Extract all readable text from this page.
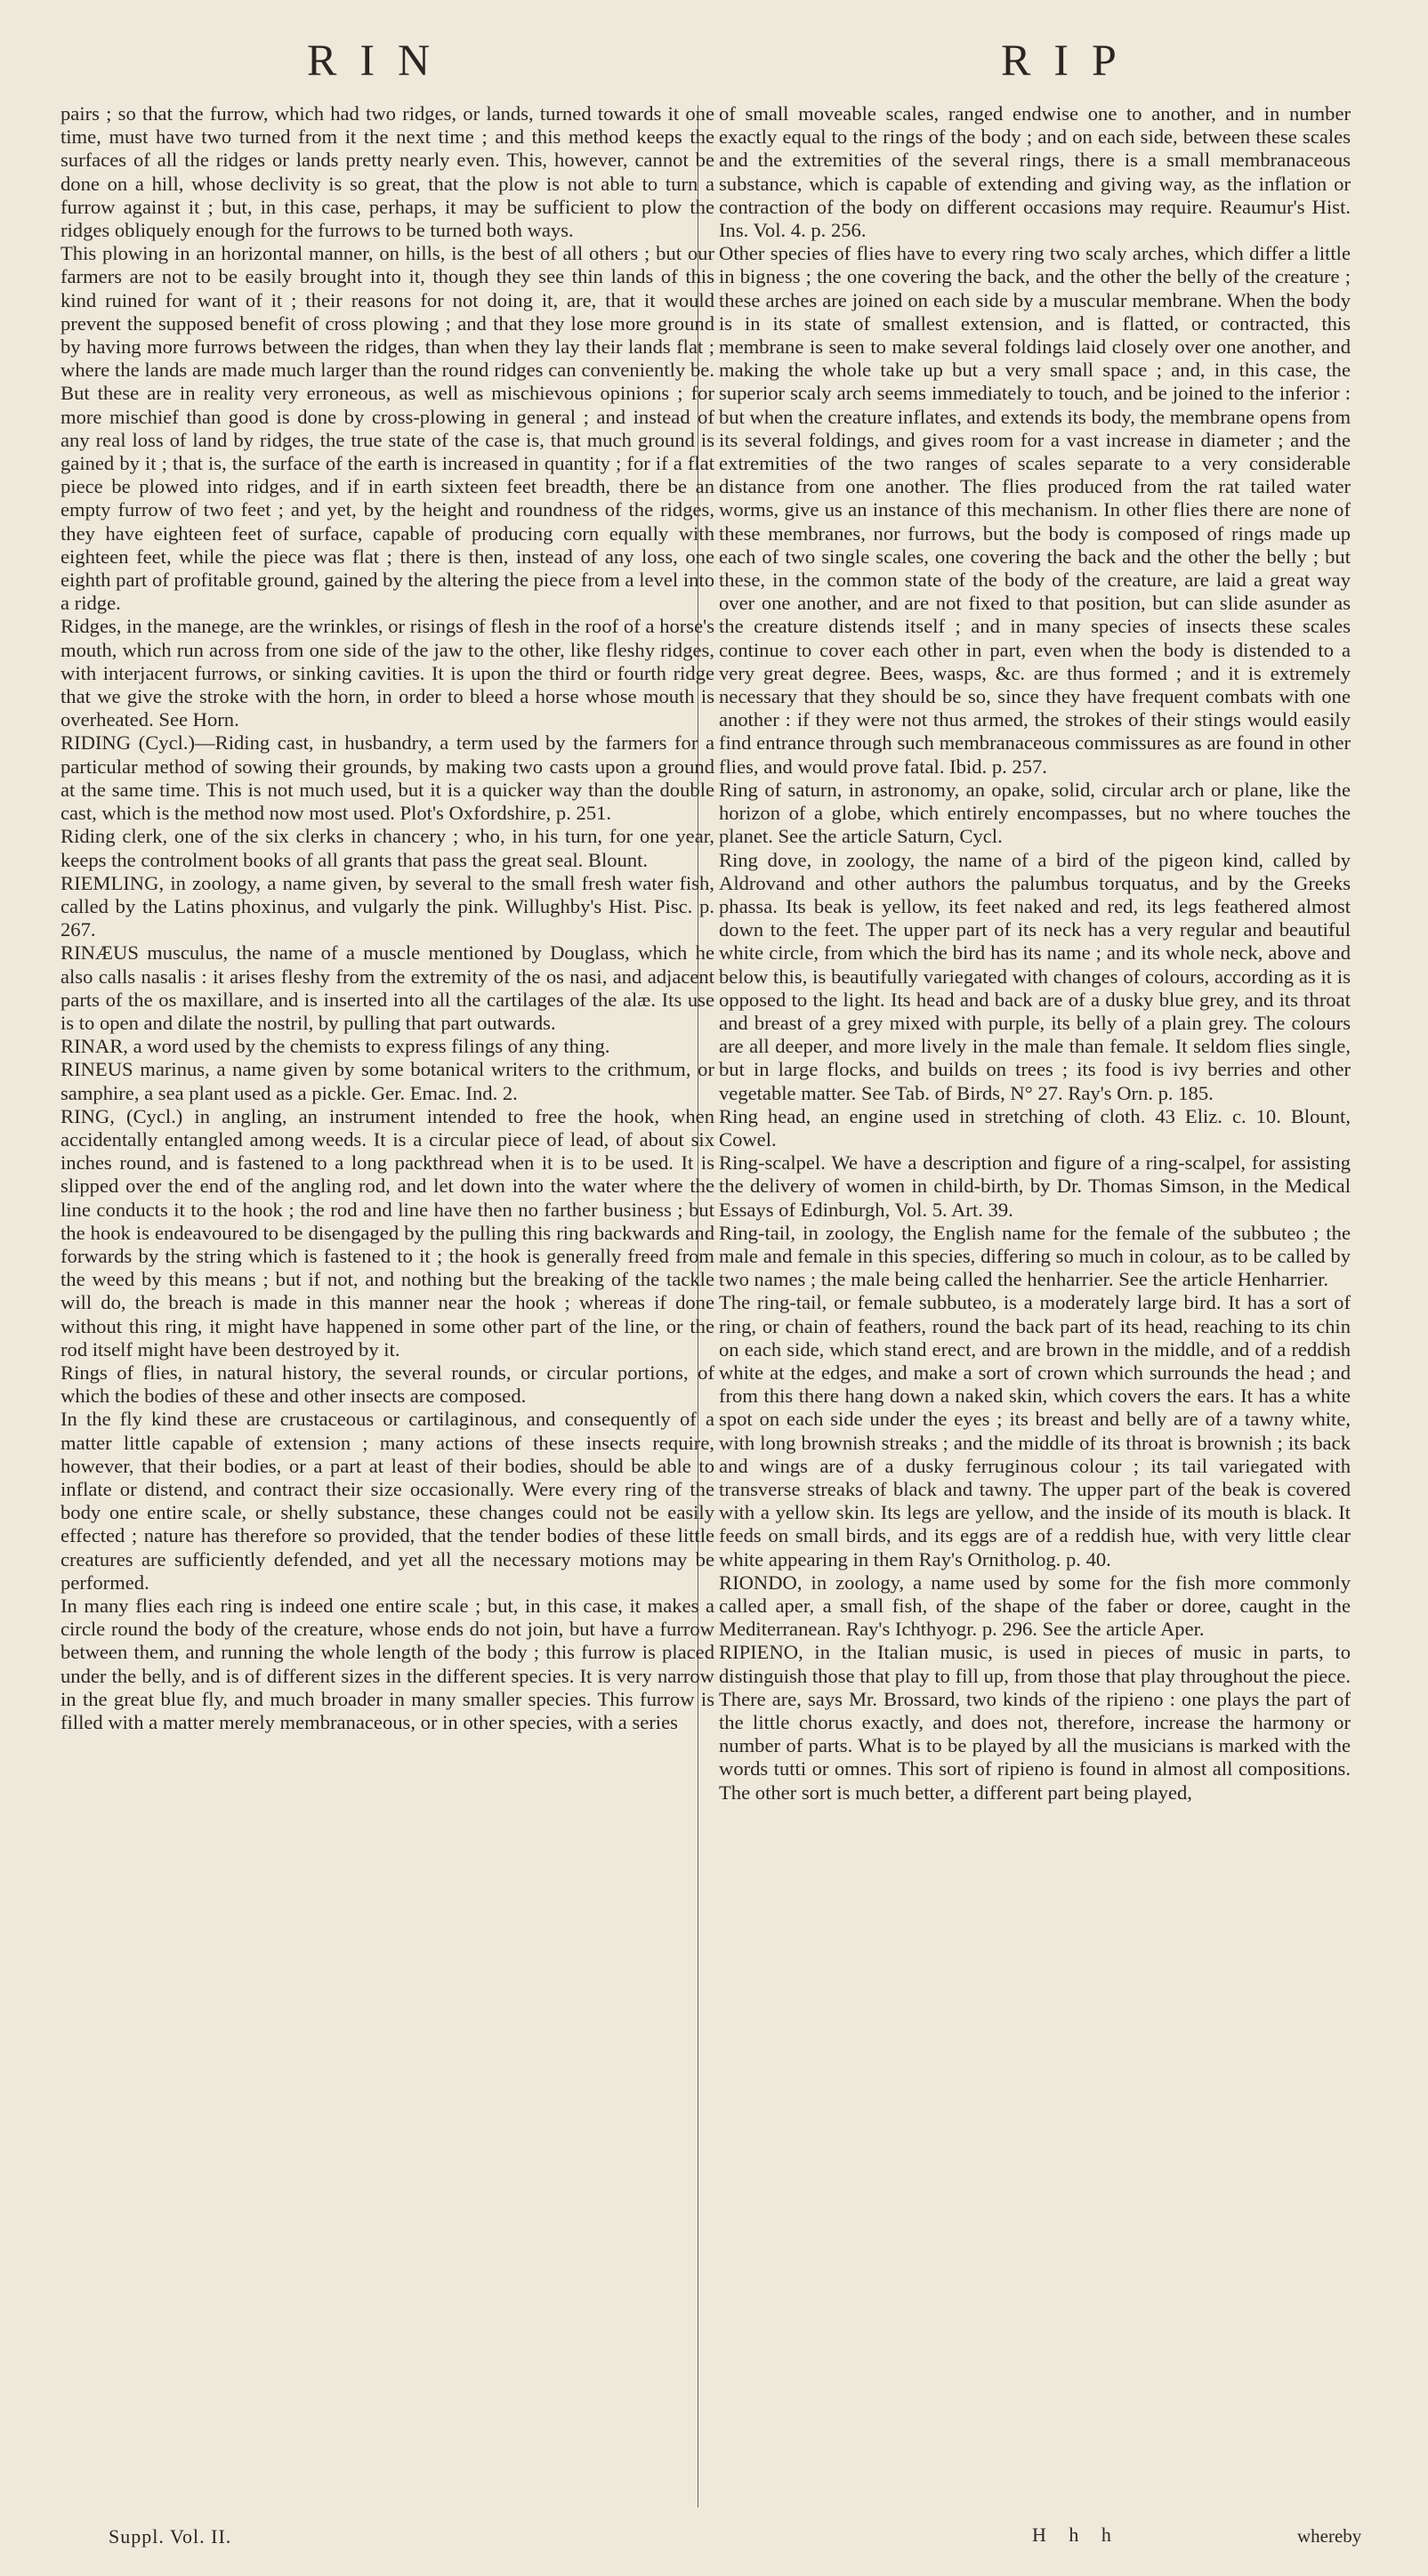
RIN	RIP

pairs ; so that the furrow, which had two ridges, or lands, turned towards it one time, must have two turned from it the next time ; and this method keeps the surfaces of all the ridges or lands pretty nearly even. This, however, cannot be done on a hill, whose declivity is so great, that the plow is not able to turn a furrow against it ; but, in this case, perhaps, it may be sufficient to plow the ridges obliquely enough for the furrows to be turned both ways.

This plowing in an horizontal manner, on hills, is the best of all others ; but our farmers are not to be easily brought into it, though they see thin lands of this kind ruined for want of it ; their reasons for not doing it, are, that it would prevent the supposed benefit of cross plowing ; and that they lose more ground by having more furrows between the ridges, than when they lay their lands flat ; where the lands are made much larger than the round ridges can conveniently be. But these are in reality very erroneous, as well as mischievous opinions ; for more mischief than good is done by cross-plowing in general ; and instead of any real loss of land by ridges, the true state of the case is, that much ground is gained by it ; that is, the surface of the earth is increased in quantity ; for if a flat piece be plowed into ridges, and if in earth sixteen feet breadth, there be an empty furrow of two feet ; and yet, by the height and roundness of the ridges, they have eighteen feet of surface, capable of producing corn equally with eighteen feet, while the piece was flat ; there is then, instead of any loss, one eighth part of profitable ground, gained by the altering the piece from a level into a ridge.

Ridges, in the manege, are the wrinkles, or risings of flesh in the roof of a horse's mouth, which run across from one side of the jaw to the other, like fleshy ridges, with interjacent furrows, or sinking cavities. It is upon the third or fourth ridge that we give the stroke with the horn, in order to bleed a horse whose mouth is overheated. See Horn.

RIDING (Cycl.)—Riding cast, in husbandry, a term used by the farmers for a particular method of sowing their grounds, by making two casts upon a ground at the same time. This is not much used, but it is a quicker way than the double cast, which is the method now most used. Plot's Oxfordshire, p. 251.

Riding clerk, one of the six clerks in chancery ; who, in his turn, for one year, keeps the controlment books of all grants that pass the great seal. Blount.

RIEMLING, in zoology, a name given, by several to the small fresh water fish, called by the Latins phoxinus, and vulgarly the pink. Willughby's Hist. Pisc. p. 267.

RINÆUS musculus, the name of a muscle mentioned by Douglass, which he also calls nasalis : it arises fleshy from the extremity of the os nasi, and adjacent parts of the os maxillare, and is inserted into all the cartilages of the alæ. Its use is to open and dilate the nostril, by pulling that part outwards.

RINAR, a word used by the chemists to express filings of any thing.

RINEUS marinus, a name given by some botanical writers to the crithmum, or samphire, a sea plant used as a pickle. Ger. Emac. Ind. 2.

RING, (Cycl.) in angling, an instrument intended to free the hook, when accidentally entangled among weeds. It is a circular piece of lead, of about six inches round, and is fastened to a long packthread when it is to be used. It is slipped over the end of the angling rod, and let down into the water where the line conducts it to the hook ; the rod and line have then no farther business ; but the hook is endeavoured to be disengaged by the pulling this ring backwards and forwards by the string which is fastened to it ; the hook is generally freed from the weed by this means ; but if not, and nothing but the breaking of the tackle will do, the breach is made in this manner near the hook ; whereas if done without this ring, it might have happened in some other part of the line, or the rod itself might have been destroyed by it.

Rings of flies, in natural history, the several rounds, or circular portions, of which the bodies of these and other insects are composed.

In the fly kind these are crustaceous or cartilaginous, and consequently of a matter little capable of extension ; many actions of these insects require, however, that their bodies, or a part at least of their bodies, should be able to inflate or distend, and contract their size occasionally. Were every ring of the body one entire scale, or shelly substance, these changes could not be easily effected ; nature has therefore so provided, that the tender bodies of these little creatures are sufficiently defended, and yet all the necessary motions may be performed.

In many flies each ring is indeed one entire scale ; but, in this case, it makes a circle round the body of the creature, whose ends do not join, but have a furrow between them, and running the whole length of the body ; this furrow is placed under the belly, and is of different sizes in the different species. It is very narrow in the great blue fly, and much broader in many smaller species. This furrow is filled with a matter merely membranaceous, or in other species, with a series

of small moveable scales, ranged endwise one to another, and in number exactly equal to the rings of the body ; and on each side, between these scales and the extremities of the several rings, there is a small membranaceous substance, which is capable of extending and giving way, as the inflation or contraction of the body on different occasions may require. Reaumur's Hist. Ins. Vol. 4. p. 256.

Other species of flies have to every ring two scaly arches, which differ a little in bigness ; the one covering the back, and the other the belly of the creature ; these arches are joined on each side by a muscular membrane. When the body is in its state of smallest extension, and is flatted, or contracted, this membrane is seen to make several foldings laid closely over one another, and making the whole take up but a very small space ; and, in this case, the superior scaly arch seems immediately to touch, and be joined to the inferior : but when the creature inflates, and extends its body, the membrane opens from its several foldings, and gives room for a vast increase in diameter ; and the extremities of the two ranges of scales separate to a very considerable distance from one another. The flies produced from the rat tailed water worms, give us an instance of this mechanism. In other flies there are none of these membranes, nor furrows, but the body is composed of rings made up each of two single scales, one covering the back and the other the belly ; but these, in the common state of the body of the creature, are laid a great way over one another, and are not fixed to that position, but can slide asunder as the creature distends itself ; and in many species of insects these scales continue to cover each other in part, even when the body is distended to a very great degree. Bees, wasps, &c. are thus formed ; and it is extremely necessary that they should be so, since they have frequent combats with one another : if they were not thus armed, the strokes of their stings would easily find entrance through such membranaceous commissures as are found in other flies, and would prove fatal. Ibid. p. 257.

Ring of saturn, in astronomy, an opake, solid, circular arch or plane, like the horizon of a globe, which entirely encompasses, but no where touches the planet. See the article Saturn, Cycl.

Ring dove, in zoology, the name of a bird of the pigeon kind, called by Aldrovand and other authors the palumbus torquatus, and by the Greeks phassa. Its beak is yellow, its feet naked and red, its legs feathered almost down to the feet. The upper part of its neck has a very regular and beautiful white circle, from which the bird has its name ; and its whole neck, above and below this, is beautifully variegated with changes of colours, according as it is opposed to the light. Its head and back are of a dusky blue grey, and its throat and breast of a grey mixed with purple, its belly of a plain grey. The colours are all deeper, and more lively in the male than female. It seldom flies single, but in large flocks, and builds on trees ; its food is ivy berries and other vegetable matter. See Tab. of Birds, N° 27. Ray's Orn. p. 185.

Ring head, an engine used in stretching of cloth. 43 Eliz. c. 10. Blount, Cowel.

Ring-scalpel. We have a description and figure of a ring-scalpel, for assisting the delivery of women in child-birth, by Dr. Thomas Simson, in the Medical Essays of Edinburgh, Vol. 5. Art. 39.

Ring-tail, in zoology, the English name for the female of the subbuteo ; the male and female in this species, differing so much in colour, as to be called by two names ; the male being called the henharrier. See the article Henharrier.

The ring-tail, or female subbuteo, is a moderately large bird. It has a sort of ring, or chain of feathers, round the back part of its head, reaching to its chin on each side, which stand erect, and are brown in the middle, and of a reddish white at the edges, and make a sort of crown which surrounds the head ; and from this there hang down a naked skin, which covers the ears. It has a white spot on each side under the eyes ; its breast and belly are of a tawny white, with long brownish streaks ; and the middle of its throat is brownish ; its back and wings are of a dusky ferruginous colour ; its tail variegated with transverse streaks of black and tawny. The upper part of the beak is covered with a yellow skin. Its legs are yellow, and the inside of its mouth is black. It feeds on small birds, and its eggs are of a reddish hue, with very little clear white appearing in them Ray's Ornitholog. p. 40.

RIONDO, in zoology, a name used by some for the fish more commonly called aper, a small fish, of the shape of the faber or doree, caught in the Mediterranean. Ray's Ichthyogr. p. 296. See the article Aper.

RIPIENO, in the Italian music, is used in pieces of music in parts, to distinguish those that play to fill up, from those that play throughout the piece. There are, says Mr. Brossard, two kinds of the ripieno : one plays the part of the little chorus exactly, and does not, therefore, increase the harmony or number of parts. What is to be played by all the musicians is marked with the words tutti or omnes. This sort of ripieno is found in almost all compositions. The other sort is much better, a different part being played,

Suppl. Vol. II.	H h h	whereby
